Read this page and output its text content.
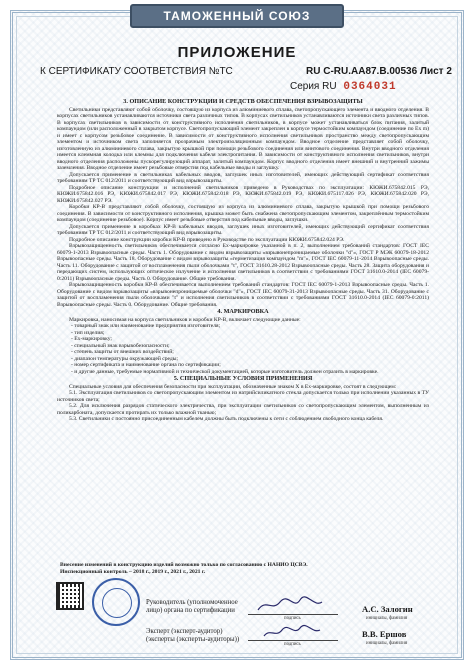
ТАМОЖЕННЫЙ СОЮЗ
ПРИЛОЖЕНИЕ
К СЕРТИФИКАТУ СООТВЕТСТВИЯ №ТС	RU C-RU.AA87.B.00536 Лист 2
Серия RU 0364031
3. ОПИСАНИЕ КОНСТРУКЦИИ И СРЕДСТВ ОБЕСПЕЧЕНИЯ ВЗРЫВОЗАЩИТЫ

Светильники представляют собой оболочку, состоящую из корпуса из алюминиевого сплава, светопропускающего элемента и вводного отделения. В корпусах светильников устанавливаются источники света различных типов. В корпусах светильников устанавливаются источники света различных типов. В корпусах светильников в зависимости от конструктивного исполнения светильников, в корпусе может устанавливаться блок питания, залитый компаундом (или расположенный в закрытом корпусе. Светопропускающий элемент закреплен в корпусе термостойким компаундом (соединение по Ex m) и имеет с корпусом резьбовое соединение. В зависимости от конструктивного исполнения светильников пространство между светопропускающим элементом и источником света заполняется прозрачным электроизоляционным компаундом. Вводное отделение представляет собой оболочку, изготовленную из алюминиевого сплава, закрытую крышкой при помощи резьбового соединения или винтового соединения. Внутри вводного отделения имеется клеммная колодка или клеммы для подключения кабеля электропитания. В зависимости от конструктивного исполнения светильников, внутри вводного отделения расположены пускорегулирующий аппарат, залитый компаундом. Корпус вводного отделения имеет внешний и внутренний зажимы заземления. Вводное отделение имеет резьбовые отверстия под кабельные вводы и заглушку.

Допускается применение в светильниках кабельных вводов, заглушек иных изготовителей, имеющих действующий сертификат соответствия требованиям ТР ТС 012/2011 и соответствующий вид взрывозащиты.

Подробное описание конструкции и исполнений светильников приведено в Руководствах по эксплуатации: КЮЖИ.675842.015 РЭ, КЮЖИ.675842.016 РЭ, КЮЖИ.675842.017 РЭ, КЮЖИ.675842.018 РЭ, КЮЖИ.675842.019 РЭ, КЮЖИ.675117.026 РЭ, КЮЖИ.675842.020 РЭ, КЮЖИ.675842.027 РЭ.

Коробки КР-В представляют собой оболочку, состоящую из корпуса из алюминиевого сплава, закрытую крышкой при помощи резьбового соединения. В зависимости от конструктивного исполнения, крышка может быть снабжена светопропускающим элементом, закреплённым термостойким компаундом (соединение резьбовое). Корпус имеет резьбовые отверстия под кабельные вводы, заглушки.

Допускается применение в коробках КР-В кабельных вводов, заглушек иных изготовителей, имеющих действующий сертификат соответствия требованиям ТР ТС 012/2011 и соответствующий вид взрывозащиты.

Подробное описание конструкции коробки КР-В приведено в Руководстве по эксплуатации КЮЖИ.675842.024 РЭ.

Взрывозащищенность светильников обеспечивается согласно Ex-маркировке указанной в п. 2, выполнением требований стандартов: ГОСТ IEC 60079-1-2013 Взрывоопасные среды. Часть 1. Оборудование с видом взрывозащиты «взрывонепроницаемые оболочки "d"», ГОСТ Р МЭК 60079-18-2012 Взрывоопасные среды. Часть 18. Оборудование с видом взрывозащиты «герметизация компаундом "m"», ГОСТ IEC 60079-11-2014 Взрывоопасные среды. Часть 11. Оборудование с защитой от воспламенения пыли оболочками "t", ГОСТ 31610.28-2012 Взрывоопасные среды. Часть 28. Защита оборудования и передающих систем, использующих оптическое излучение и исполнения светильников в соответствии с требованиями ГОСТ 31610.0-2014 (IEC 60079-0:2011) Взрывоопасные среды. Часть 0. Оборудование. Общие требования.

Взрывозащищенность коробки КР-В обеспечивается выполнением требований стандартов: ГОСТ IEC 60079-1-2013 Взрывоопасные среды. Часть 1. Оборудование с видом взрывозащиты «взрывонепроницаемые оболочки "d"», ГОСТ IEC 60079-31-2013 Взрывоопасные среды. Часть 31. Оборудование с защитой от воспламенения пыли оболочками "t" и исполнения светильников в соответствии с требованиями ГОСТ 31610.0-2014 (IEC 60079-0:2011) Взрывоопасные среды. Часть 0. Оборудование. Общие требования.

4. МАРКИРОВКА

Маркировка, наносимая на корпуса светильников и коробки КР-В, включает следующие данные:

- товарный знак или наименование предприятия изготовителя;
- тип изделия;
- Ex-маркировку;
- специальный знак взрывобезопасности;
- степень защиты от внешних воздействий;
- диапазон температуры окружающей среды;
- номер сертификата и наименование органа по сертификации;
- и другие данные, требуемые нормативной и технической документацией, которые изготовитель должен отразить в маркировке.
5. СПЕЦИАЛЬНЫЕ УСЛОВИЯ ПРИМЕНЕНИЯ

Специальные условия для обеспечения безопасности при эксплуатации, обозначенные знаком X в Ex-маркировке, состоят в следующем:

5.1. Эксплуатация светильников со светопропускающим элементом из натрийсиликатного стекла допускается только при исполнении указанных в ТУ источников света;

5.2. Для исключения разрядов статического электричества, при эксплуатации светильников со светопропускающим элементом, выполненным из поликарбоната, допускается протирать их только влажной тканью;

5.3. Светильники с постоянно присоединенным кабелем должны быть подключены к сети с соблюдением свободного конца кабеля.

Внесение изменений в конструкцию изделий возможно только по согласованию с НАНИО ЦСВЭ.
Инспекционный контроль – 2018 г., 2019 г., 2021 г., 2021 г.
Руководитель (уполномоченное лицо) органа по сертификации
подпись
А.С. Залогин
инициалы, фамилия
Эксперт (эксперт-аудитор) (эксперты (эксперты-аудиторы))
подпись
В.В. Ершов
инициалы, фамилия
